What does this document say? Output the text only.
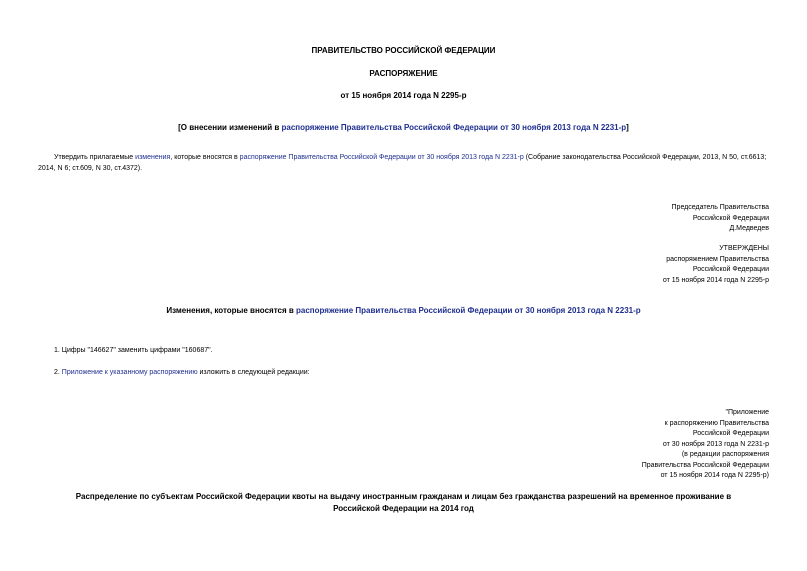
ПРАВИТЕЛЬСТВО РОССИЙСКОЙ ФЕДЕРАЦИИ
РАСПОРЯЖЕНИЕ
от 15 ноября 2014 года N 2295-р
[О внесении изменений в распоряжение Правительства Российской Федерации от 30 ноября 2013 года N 2231-р]
Утвердить прилагаемые изменения, которые вносятся в распоряжение Правительства Российской Федерации от 30 ноября 2013 года N 2231-р (Собрание законодательства Российской Федерации, 2013, N 50, ст.6613; 2014, N 6; ст.609, N 30, ст.4372).
Председатель Правительства
Российской Федерации
Д.Медведев
УТВЕРЖДЕНЫ
распоряжением Правительства
Российской Федерации
от 15 ноября 2014 года N 2295-р
Изменения, которые вносятся в распоряжение Правительства Российской Федерации от 30 ноября 2013 года N 2231-р
1. Цифры "146627" заменить цифрами "160687".
2. Приложение к указанному распоряжению изложить в следующей редакции:
"Приложение
к распоряжению Правительства
Российской Федерации
от 30 ноября 2013 года N 2231-р
(в редакции распоряжения
Правительства Российской Федерации
от 15 ноября 2014 года N 2295-р)
Распределение по субъектам Российской Федерации квоты на выдачу иностранным гражданам и лицам без гражданства разрешений на временное проживание в
Российской Федерации на 2014 год
